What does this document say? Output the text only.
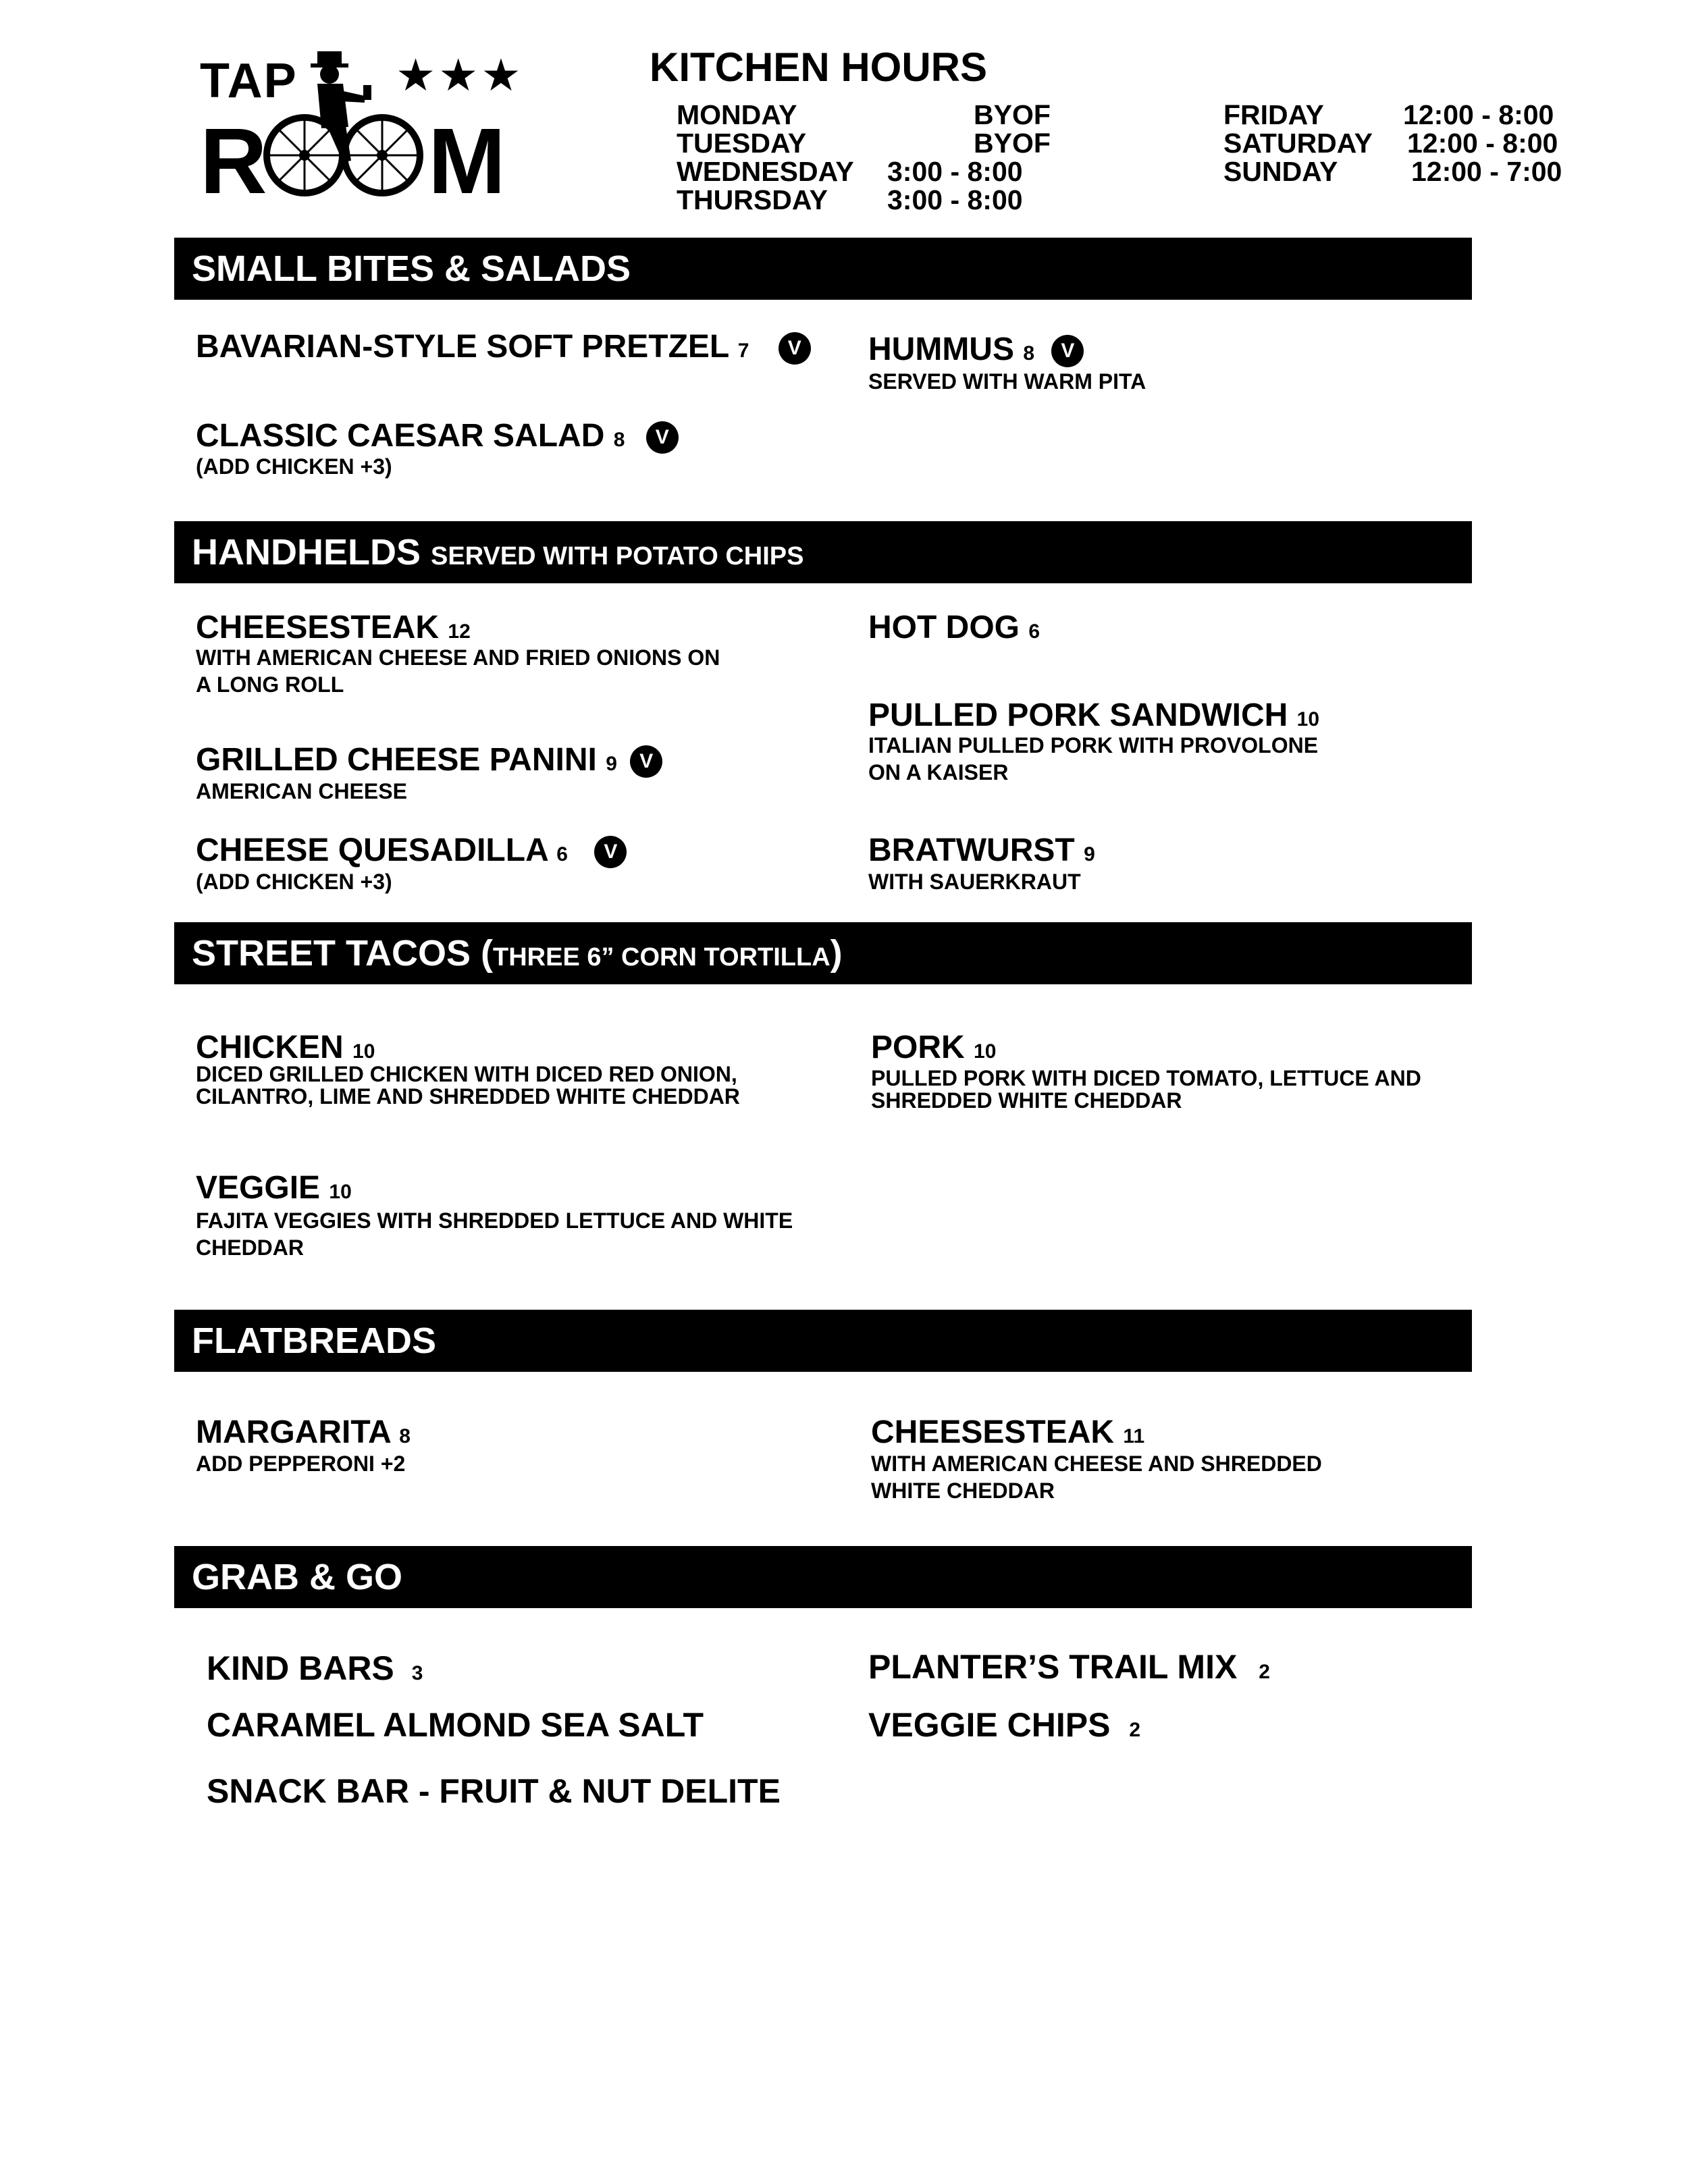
TAP ★★★
R M
KITCHEN HOURS
MONDAY	BYOF
TUESDAY	BYOF
WEDNESDAY 3:00 - 8:00
THURSDAY 3:00 - 8:00
FRIDAY	12:00 - 8:00
SATURDAY 12:00 - 8:00
SUNDAY	12:00 - 7:00
SMALL BITES & SALADS
BAVARIAN-STYLE SOFT PRETZEL 7 V HUMMUS 8 V
SERVED WITH WARM PITA
CLASSIC CAESAR SALAD 8 V
(ADD CHICKEN +3)
HANDHELDS SERVED WITH POTATO CHIPS
CHEESESTEAK 12
WITH AMERICAN CHEESE AND FRIED ONIONS ON
A LONG ROLL
HOT DOG 6
PULLED PORK SANDWICH 10
ITALIAN PULLED PORK WITH PROVOLONE
ON A KAISER
GRILLED CHEESE PANINI 9 V
AMERICAN CHEESE
CHEESE QUESADILLA 6 V
(ADD CHICKEN +3)
BRATWURST 9
WITH SAUERKRAUT
STREET TACOS (THREE 6” CORN TORTILLA)
CHICKEN 10
DICED GRILLED CHICKEN WITH DICED RED ONION,
CILANTRO, LIME AND SHREDDED WHITE CHEDDAR
PORK 10
PULLED PORK WITH DICED TOMATO, LETTUCE AND
SHREDDED WHITE CHEDDAR
VEGGIE 10
FAJITA VEGGIES WITH SHREDDED LETTUCE AND WHITE
CHEDDAR
FLATBREADS
MARGARITA 8
ADD PEPPERONI +2
CHEESESTEAK 11
WITH AMERICAN CHEESE AND SHREDDED
WHITE CHEDDAR
GRAB & GO
KIND BARS 3
CARAMEL ALMOND SEA SALT
SNACK BAR - FRUIT & NUT DELITE
PLANTER’S TRAIL MIX 2
VEGGIE CHIPS 2
